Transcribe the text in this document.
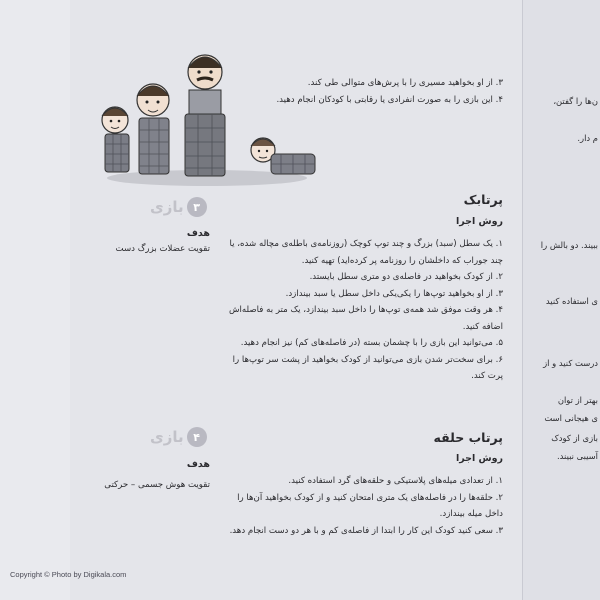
۳. از او بخواهید مسیری را با پرش‌های متوالی طی کند.
۴. این بازی را به صورت انفرادی یا رقابتی با کودکان انجام دهید.
۳
بازی
هدف
تقویت عضلات بزرگ دست
پرتابک
روش اجرا
۱. یک سطل (سبد) بزرگ و چند توپ کوچک (روزنامه‌ی باطله‌ی مچاله شده، یا چند جوراب که داخلشان را روزنامه پر کرده‌اید) تهیه کنید.
۲. از کودک بخواهید در فاصله‌ی دو متری سطل بایستد.
۳. از او بخواهید توپ‌ها را یکی‌یکی داخل سطل یا سبد بیندازد.
۴. هر وقت موفق شد همه‌ی توپ‌ها را داخل سبد بیندازد، یک متر به فاصله‌اش اضافه کنید.
۵. می‌توانید این بازی را با چشمان بسته (در فاصله‌های کم) نیز انجام دهید.
۶. برای سخت‌تر شدن بازی می‌توانید از کودک بخواهید از پشت سر توپ‌ها را پرت کند.
۴
بازی
هدف
تقویت هوش جسمی – حرکتی
پرتاب حلقه
روش اجرا
۱. از تعدادی میله‌های پلاستیکی و حلقه‌های گرد استفاده کنید.
۲. حلقه‌ها را در فاصله‌های یک متری امتحان کنید و از کودک بخواهید آن‌ها را داخل میله بیندازد.
۳. سعی کنید کودک این کار را ابتدا از فاصله‌ی کم و با هر دو دست انجام دهد.
ن‌ها را گفتن،
م دار.
ببیند. دو بالش را
ی استفاده کنید
درست کنید و از
بهتر از توان
ی هیجانی است
بازی از کودک
آسیبی نبیند.
Copyright © Photo by Digikala.com
